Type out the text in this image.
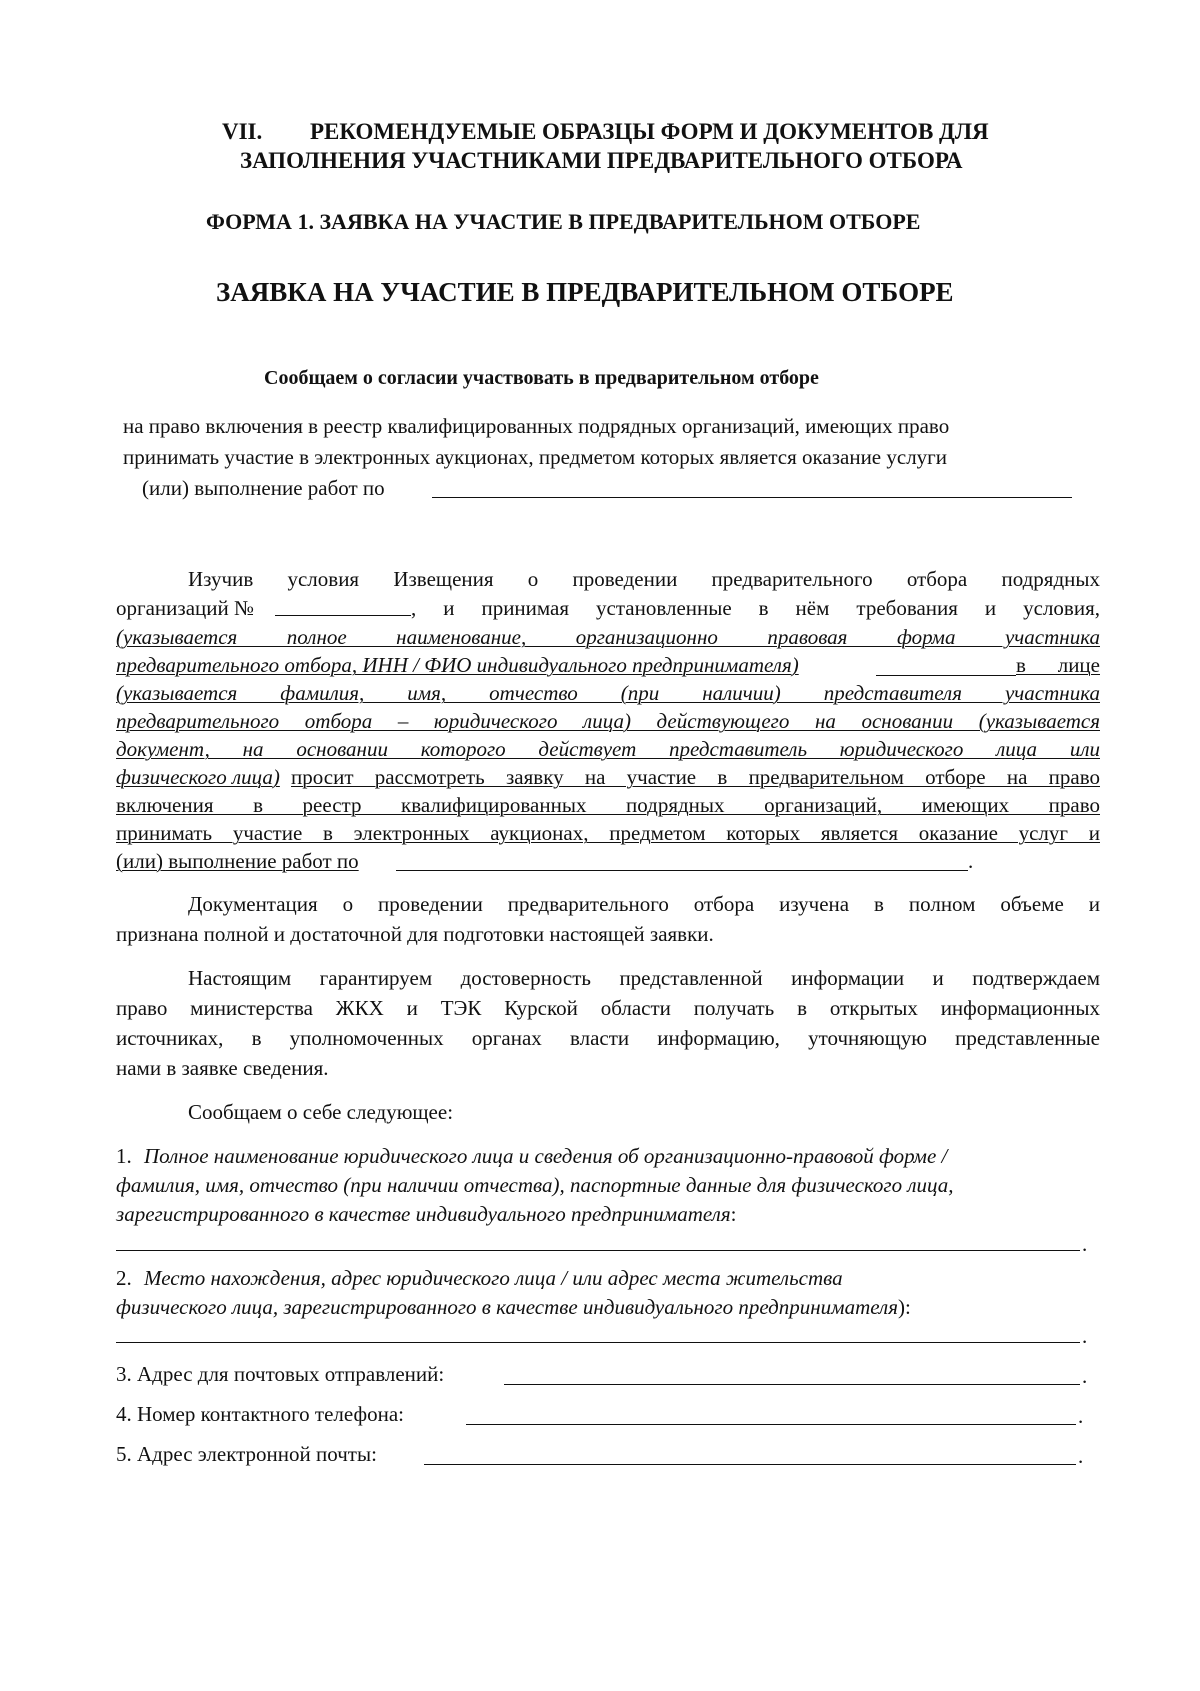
VII. РЕКОМЕНДУЕМЫЕ ОБРАЗЦЫ ФОРМ И ДОКУМЕНТОВ ДЛЯ
ЗАПОЛНЕНИЯ УЧАСТНИКАМИ ПРЕДВАРИТЕЛЬНОГО ОТБОРА
ФОРМА 1. ЗАЯВКА НА УЧАСТИЕ В ПРЕДВАРИТЕЛЬНОМ ОТБОРЕ
ЗАЯВКА НА УЧАСТИЕ В ПРЕДВАРИТЕЛЬНОМ ОТБОРЕ
Сообщаем о согласии участвовать в предварительном отборе
на право включения в реестр квалифицированных подрядных организаций, имеющих право
принимать участие в электронных аукционах, предметом которых является оказание услуги
(или) выполнение работ по
Изучив условия Извещения о проведении предварительного отбора подрядных
организаций №	, и принимая установленные в нём требования и условия,
(указывается полное наименование, организационно правовая форма участника
предварительного отбора, ИНН / ФИО индивидуального предпринимателя)	в лице
(указывается фамилия, имя, отчество (при наличии) представителя участника
предварительного отбора – юридического лица) действующего на основании (указывается
документ, на основании которого действует представитель юридического лица или
физического лица) просит рассмотреть заявку на участие в предварительном отборе на право
включения в реестр квалифицированных подрядных организаций, имеющих право
принимать участие в электронных аукционах, предметом которых является оказание услуг и
(или) выполнение работ по	.
Документация о проведении предварительного отбора изучена в полном объеме и
признана полной и достаточной для подготовки настоящей заявки.
Настоящим гарантируем достоверность представленной информации и подтверждаем
право министерства ЖКХ и ТЭК Курской области получать в открытых информационных
источниках, в уполномоченных органах власти информацию, уточняющую представленные
нами в заявке сведения.
Сообщаем о себе следующее:
1. Полное наименование юридического лица и сведения об организационно-правовой форме /
фамилия, имя, отчество (при наличии отчества), паспортные данные для физического лица,
зарегистрированного в качестве индивидуального предпринимателя:
.
2. Место нахождения, адрес юридического лица / или адрес места жительства
физического лица, зарегистрированного в качестве индивидуального предпринимателя):
.
3. Адрес для почтовых отправлений:	.
4. Номер контактного телефона:	.
5. Адрес электронной почты:	.
